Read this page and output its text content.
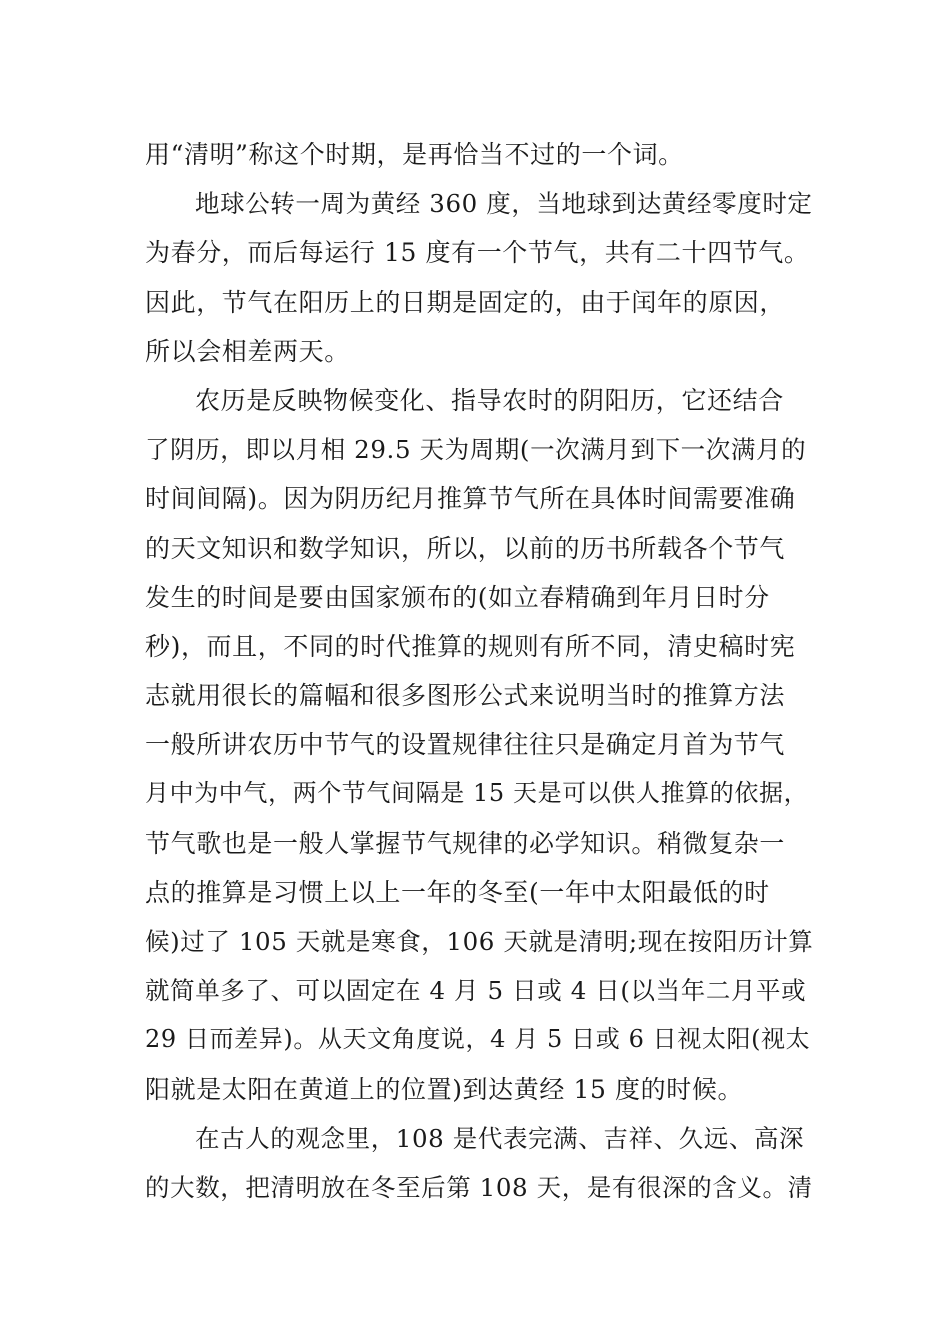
用“清明”称这个时期，是再恰当不过的一个词。
地球公转一周为黄经 360 度，当地球到达黄经零度时定
为春分，而后每运行 15 度有一个节气，共有二十四节气。
因此，节气在阳历上的日期是固定的，由于闰年的原因，
所以会相差两天。
农历是反映物候变化、指导农时的阴阳历，它还结合
了阴历，即以月相 29.5 天为周期(一次满月到下一次满月的
时间间隔)。因为阴历纪月推算节气所在具体时间需要准确
的天文知识和数学知识，所以，以前的历书所载各个节气
发生的时间是要由国家颁布的(如立春精确到年月日时分
秒)，而且，不同的时代推算的规则有所不同，清史稿时宪
志就用很长的篇幅和很多图形公式来说明当时的推算方法
一般所讲农历中节气的设置规律往往只是确定月首为节气
月中为中气，两个节气间隔是 15 天是可以供人推算的依据，
节气歌也是一般人掌握节气规律的必学知识。稍微复杂一
点的推算是习惯上以上一年的冬至(一年中太阳最低的时
候)过了 105 天就是寒食，106 天就是清明;现在按阳历计算
就简单多了、可以固定在 4 月 5 日或 4 日(以当年二月平或
29 日而差异)。从天文角度说，4 月 5 日或 6 日视太阳(视太
阳就是太阳在黄道上的位置)到达黄经 15 度的时候。
在古人的观念里，108 是代表完满、吉祥、久远、高深
的大数，把清明放在冬至后第 108 天，是有很深的含义。清
